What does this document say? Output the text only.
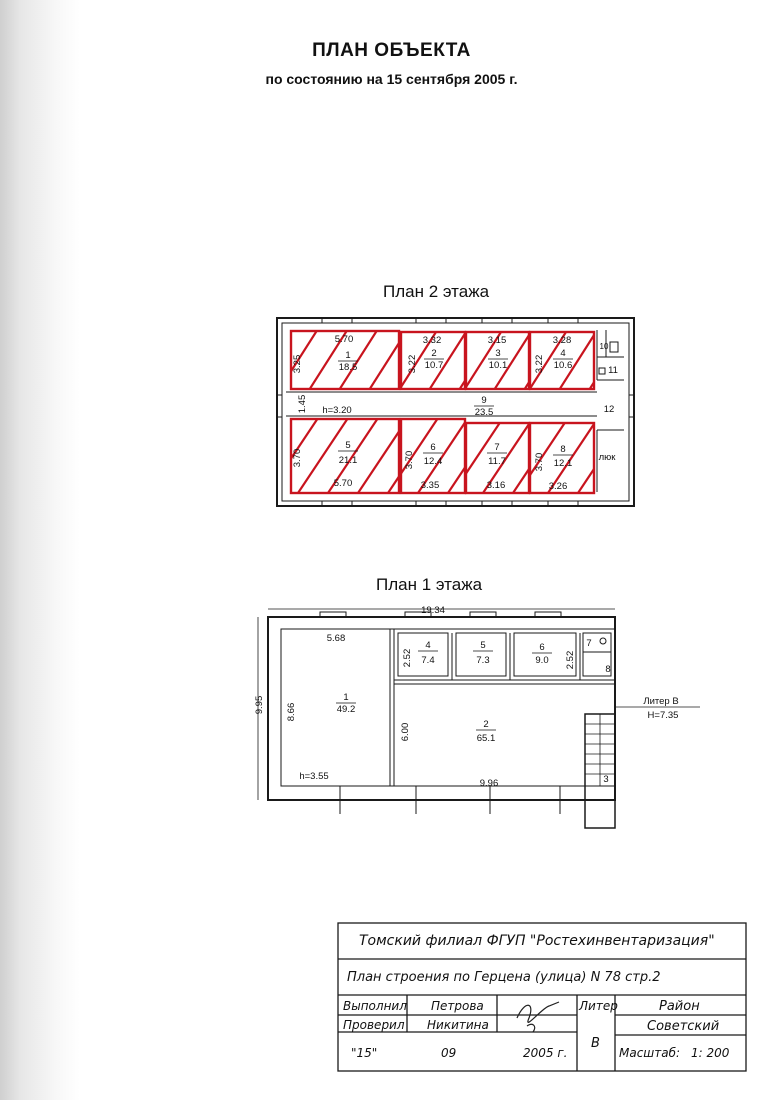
ПЛАН ОБЪЕКТА
по состоянию на 15 сентября 2005 г.
План 2 этажа
5.70
1
18.5
3.25
3.32
2
10.7
3.22
3.15
3
10.1
3.28
4
10.6
3.22
1.45 h=3.20
9
23.5
5
21.1
5.70
3.70
6
12.4
3.35
3.70
7
11.7
3.16
8
12.1
3.26
3.70
10
11
12
люк
План 1 этажа
19.34
9.95
5.68
1
49.2
8.66
h=3.55
4
7.4
2.52
5
7.3
6
9.0 2.52
7
8
2
65.1
6.00
9.96	3
Литер В
H=7.35
Томский филиал ФГУП "Ростехинвентаризация"
План строения по Герцена (улица) N 78 стр.2
Выполнил Петрова
Проверил Никитина
"15"	09	2005 г.
Литер
В
Район
Советский
Масштаб: 1: 200
